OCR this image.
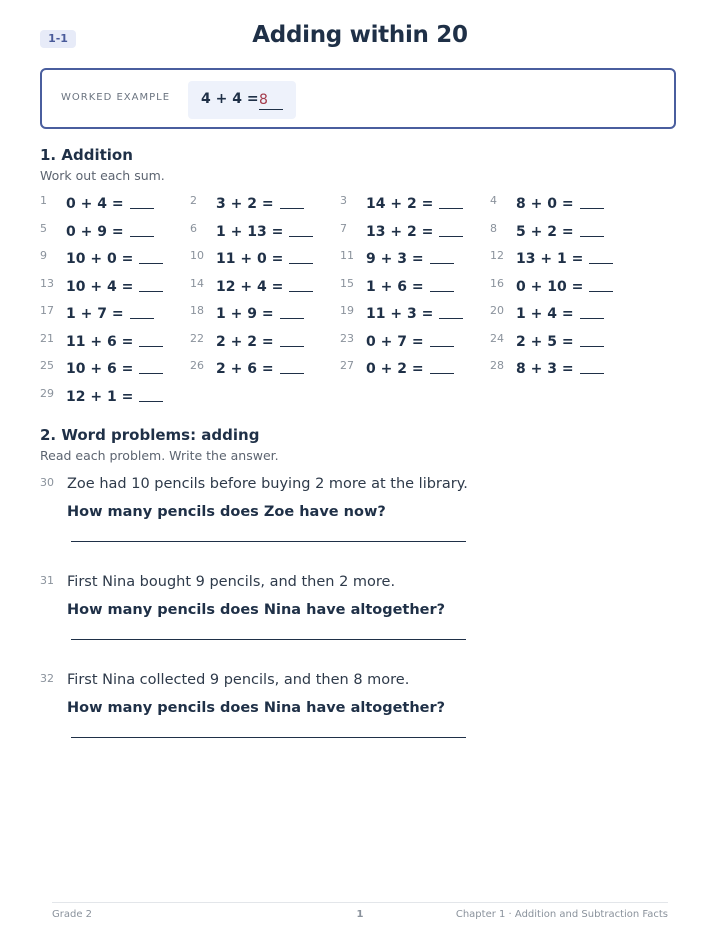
1-1	Adding within 20
WORKED EXAMPLE 4 + 4 = 8
1. Addition
Work out each sum.
1 0 + 4 =	2 3 + 2 =	3 14 + 2 =	4 8 + 0 =
5 0 + 9 =	6 1 + 13 =	7 13 + 2 =	8 5 + 2 =
9 10 + 0 =	10 11 + 0 =	11 9 + 3 =	12 13 + 1 =
13 10 + 4 =	14 12 + 4 =	15 1 + 6 =	16 0 + 10 =
17 1 + 7 =	18 1 + 9 =	19 11 + 3 =	20 1 + 4 =
21 11 + 6 =	22 2 + 2 =	23 0 + 7 =	24 2 + 5 =
25 10 + 6 =	26 2 + 6 =	27 0 + 2 =	28 8 + 3 =
29 12 + 1 =
2. Word problems: adding
Read each problem. Write the answer.
30 Zoe had 10 pencils before buying 2 more at the library.
How many pencils does Zoe have now?
31 First Nina bought 9 pencils, and then 2 more.
How many pencils does Nina have altogether?
32 First Nina collected 9 pencils, and then 8 more.
How many pencils does Nina have altogether?
Grade 2	1	Chapter 1 · Addition and Subtraction Facts
